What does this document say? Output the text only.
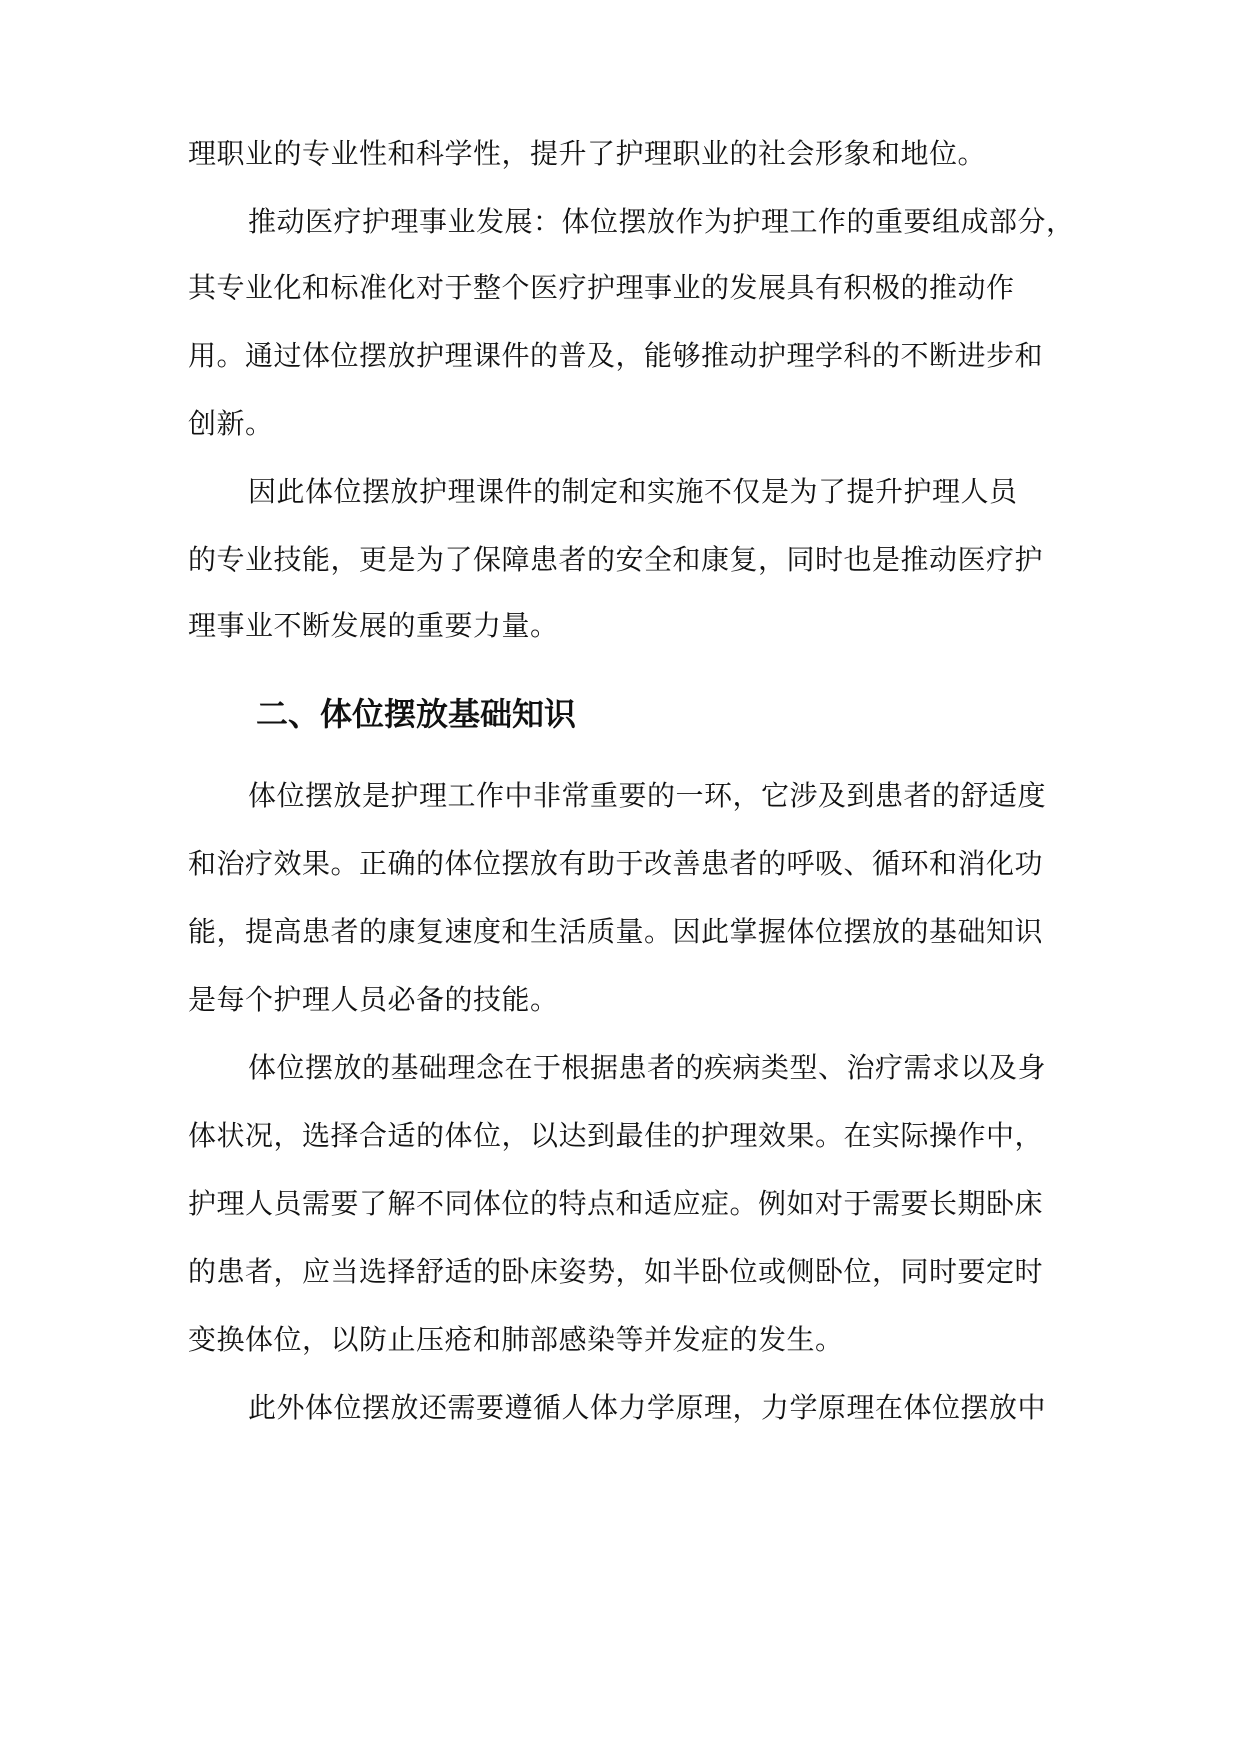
理职业的专业性和科学性，提升了护理职业的社会形象和地位。
推动医疗护理事业发展：体位摆放作为护理工作的重要组成部分，
其专业化和标准化对于整个医疗护理事业的发展具有积极的推动作
用。通过体位摆放护理课件的普及，能够推动护理学科的不断进步和
创新。
因此体位摆放护理课件的制定和实施不仅是为了提升护理人员
的专业技能，更是为了保障患者的安全和康复，同时也是推动医疗护
理事业不断发展的重要力量。
二、体位摆放基础知识
体位摆放是护理工作中非常重要的一环，它涉及到患者的舒适度
和治疗效果。正确的体位摆放有助于改善患者的呼吸、循环和消化功
能，提高患者的康复速度和生活质量。因此掌握体位摆放的基础知识
是每个护理人员必备的技能。
体位摆放的基础理念在于根据患者的疾病类型、治疗需求以及身
体状况，选择合适的体位，以达到最佳的护理效果。在实际操作中，
护理人员需要了解不同体位的特点和适应症。例如对于需要长期卧床
的患者，应当选择舒适的卧床姿势，如半卧位或侧卧位，同时要定时
变换体位，以防止压疮和肺部感染等并发症的发生。
此外体位摆放还需要遵循人体力学原理，力学原理在体位摆放中
